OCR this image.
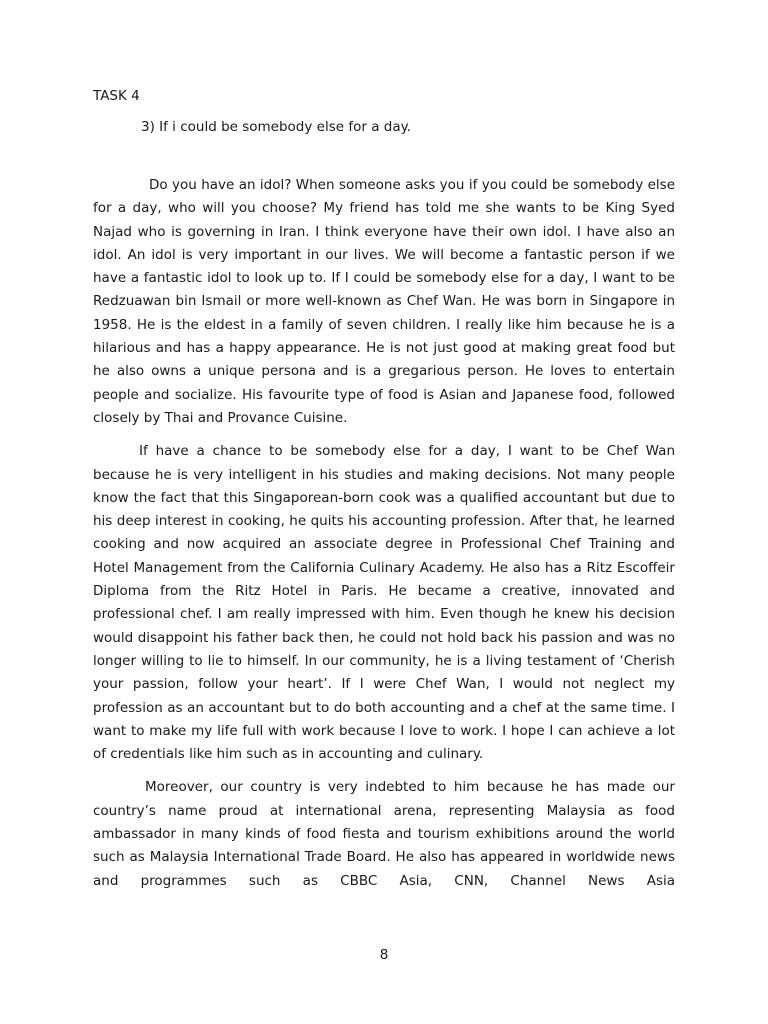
TASK 4

3) If i could be somebody else for a day.

Do you have an idol? When someone asks you if you could be somebody else for a day, who will you choose? My friend has told me she wants to be King Syed Najad who is governing in Iran. I think everyone have their own idol. I have also an idol. An idol is very important in our lives. We will become a fantastic person if we have a fantastic idol to look up to. If I could be somebody else for a day, I want to be Redzuawan bin Ismail or more well-known as Chef Wan. He was born in Singapore in 1958. He is the eldest in a family of seven children. I really like him because he is a hilarious and has a happy appearance. He is not just good at making great food but he also owns a unique persona and is a gregarious person. He loves to entertain people and socialize. His favourite type of food is Asian and Japanese food, followed closely by Thai and Provance Cuisine.

If have a chance to be somebody else for a day, I want to be Chef Wan because he is very intelligent in his studies and making decisions. Not many people know the fact that this Singaporean-born cook was a qualified accountant but due to his deep interest in cooking, he quits his accounting profession. After that, he learned cooking and now acquired an associate degree in Professional Chef Training and Hotel Management from the California Culinary Academy. He also has a Ritz Escoffeir Diploma from the Ritz Hotel in Paris. He became a creative, innovated and professional chef. I am really impressed with him. Even though he knew his decision would disappoint his father back then, he could not hold back his passion and was no longer willing to lie to himself. In our community, he is a living testament of ‘Cherish your passion, follow your heart’. If I were Chef Wan, I would not neglect my profession as an accountant but to do both accounting and a chef at the same time. I want to make my life full with work because I love to work. I hope I can achieve a lot of credentials like him such as in accounting and culinary.

Moreover, our country is very indebted to him because he has made our country’s name proud at international arena, representing Malaysia as food ambassador in many kinds of food fiesta and tourism exhibitions around the world such as Malaysia International Trade Board. He also has appeared in worldwide news and programmes such as CBBC Asia, CNN, Channel News Asia

8
